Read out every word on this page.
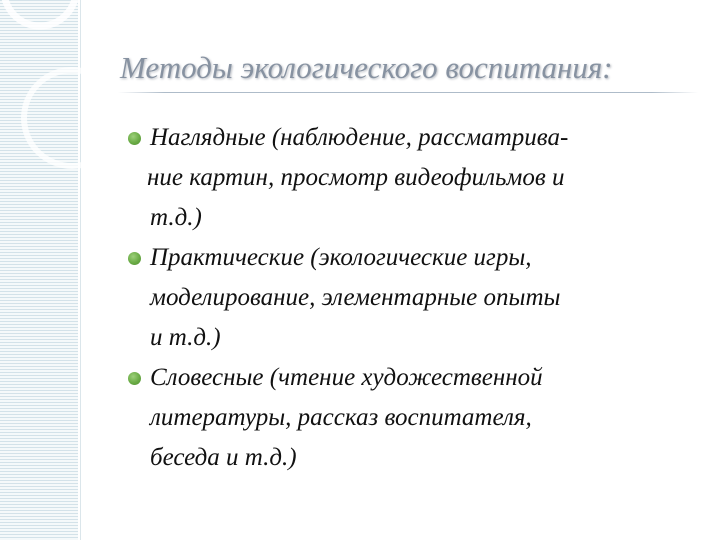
Методы экологического воспитания:
Наглядные (наблюдение, рассматрива-
ние картин, просмотр видеофильмов и
т.д.)
Практические (экологические игры,
моделирование, элементарные опыты
и т.д.)
Словесные (чтение художественной
литературы, рассказ воспитателя,
беседа и т.д.)
